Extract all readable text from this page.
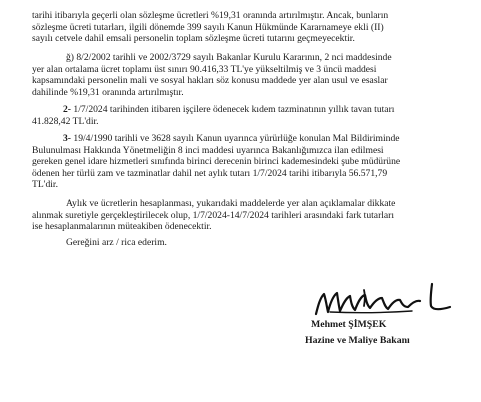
tarihi itibarıyla geçerli olan sözleşme ücretleri %19,31 oranında artırılmıştır. Ancak, bunların
sözleşme ücreti tutarları, ilgili dönemde 399 sayılı Kanun Hükmünde Kararnameye ekli (II)
sayılı cetvele dahil emsali personelin toplam sözleşme ücreti tutarını geçmeyecektir.
ğ) 8/2/2002 tarihli ve 2002/3729 sayılı Bakanlar Kurulu Kararının, 2 nci maddesinde
yer alan ortalama ücret toplamı üst sınırı 90.416,33 TL'ye yükseltilmiş ve 3 üncü maddesi
kapsamındaki personelin mali ve sosyal hakları söz konusu maddede yer alan usul ve esaslar
dahilinde %19,31 oranında artırılmıştır.
2- 1/7/2024 tarihinden itibaren işçilere ödenecek kıdem tazminatının yıllık tavan tutarı
41.828,42 TL'dir.
3- 19/4/1990 tarihli ve 3628 sayılı Kanun uyarınca yürürlüğe konulan Mal Bildiriminde
Bulunulması Hakkında Yönetmeliğin 8 inci maddesi uyarınca Bakanlığımızca ilan edilmesi
gereken genel idare hizmetleri sınıfında birinci derecenin birinci kademesindeki şube müdürüne
ödenen her türlü zam ve tazminatlar dahil net aylık tutarı 1/7/2024 tarihi itibarıyla 56.571,79
TL'dir.
Aylık ve ücretlerin hesaplanması, yukarıdaki maddelerde yer alan açıklamalar dikkate
alınmak suretiyle gerçekleştirilecek olup, 1/7/2024-14/7/2024 tarihleri arasındaki fark tutarları
ise hesaplanmalarının müteakiben ödenecektir.
Gereğini arz / rica ederim.
Mehmet ŞİMŞEK
Hazine ve Maliye Bakanı
